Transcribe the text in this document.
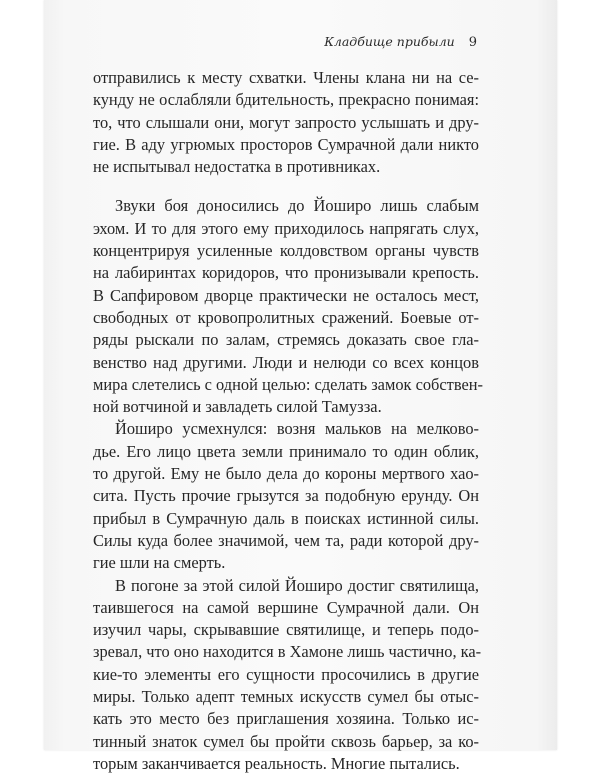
Кладбище прибыли 9
отправились к месту схватки. Члены клана ни на се-
кунду не ослабляли бдительность, прекрасно понимая:
то, что слышали они, могут запросто услышать и дру-
гие. В аду угрюмых просторов Сумрачной дали никто
не испытывал недостатка в противниках.
Звуки боя доносились до Йоширо лишь слабым
эхом. И то для этого ему приходилось напрягать слух,
концентрируя усиленные колдовством органы чувств
на лабиринтах коридоров, что пронизывали крепость.
В Сапфировом дворце практически не осталось мест,
свободных от кровопролитных сражений. Боевые от-
ряды рыскали по залам, стремясь доказать свое гла-
венство над другими. Люди и нелюди со всех концов
мира слетелись с одной целью: сделать замок собствен-
ной вотчиной и завладеть силой Тамузза.
Йоширо усмехнулся: возня мальков на мелково-
дье. Его лицо цвета земли принимало то один облик,
то другой. Ему не было дела до короны мертвого хао-
сита. Пусть прочие грызутся за подобную ерунду. Он
прибыл в Сумрачную даль в поисках истинной силы.
Силы куда более значимой, чем та, ради которой дру-
гие шли на смерть.
В погоне за этой силой Йоширо достиг святилища,
таившегося на самой вершине Сумрачной дали. Он
изучил чары, скрывавшие святилище, и теперь подо-
зревал, что оно находится в Хамоне лишь частично, ка-
кие-то элементы его сущности просочились в другие
миры. Только адепт темных искусств сумел бы отыс-
кать это место без приглашения хозяина. Только ис-
тинный знаток сумел бы пройти сквозь барьер, за ко-
торым заканчивается реальность. Многие пытались.
